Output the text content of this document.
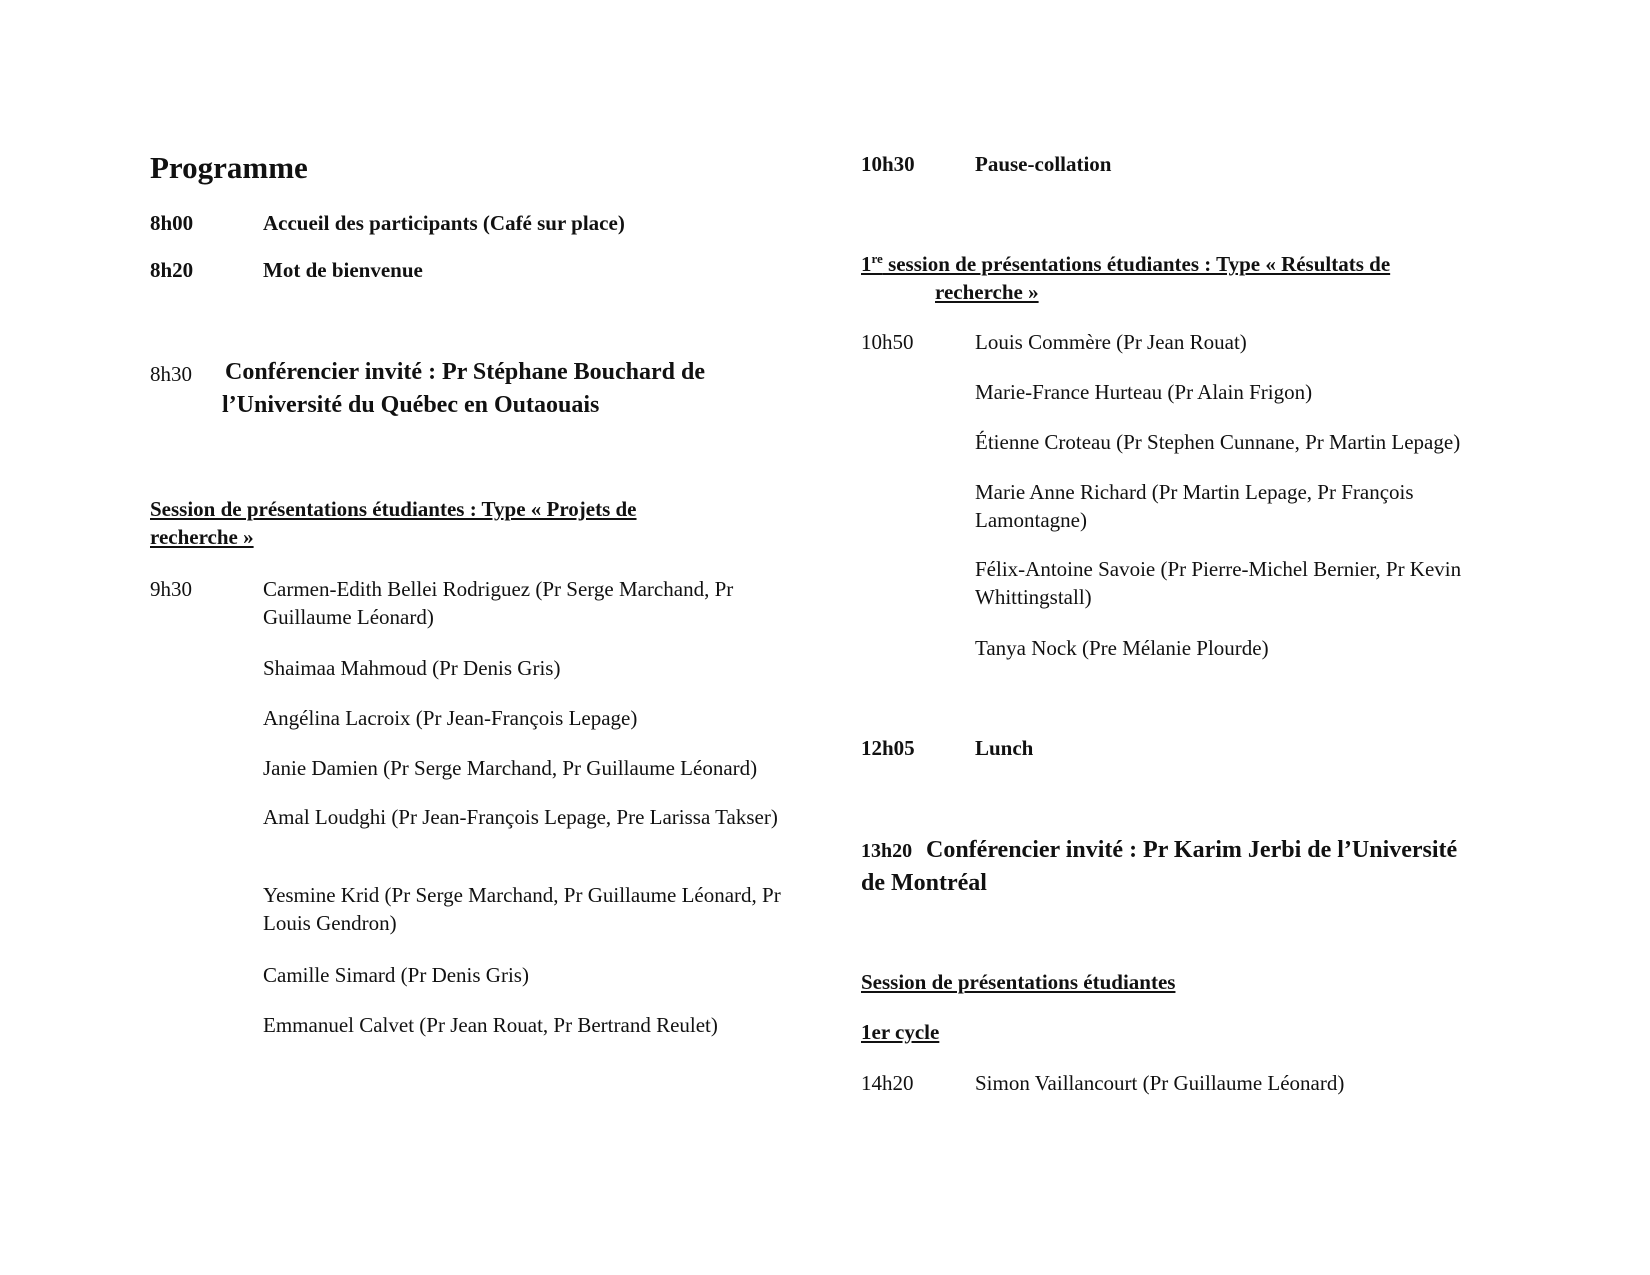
Programme
8h00	Accueil des participants (Café sur place)
8h20	Mot de bienvenue
8h30 Conférencier invité : Pr Stéphane Bouchard de
l’Université du Québec en Outaouais
Session de présentations étudiantes : Type « Projets de recherche »
9h30	Carmen-Edith Bellei Rodriguez (Pr Serge Marchand, Pr Guillaume Léonard)
Shaimaa Mahmoud (Pr Denis Gris)
Angélina Lacroix (Pr Jean-François Lepage)
Janie Damien (Pr Serge Marchand, Pr Guillaume Léonard)
Amal Loudghi (Pr Jean-François Lepage, Pre Larissa Takser)
Yesmine Krid (Pr Serge Marchand, Pr Guillaume Léonard, Pr Louis Gendron)
Camille Simard (Pr Denis Gris)
Emmanuel Calvet (Pr Jean Rouat, Pr Bertrand Reulet)
10h30	Pause-collation
1re session de présentations étudiantes : Type « Résultats de
recherche »
10h50	Louis Commère (Pr Jean Rouat)
Marie-France Hurteau (Pr Alain Frigon)
Étienne Croteau (Pr Stephen Cunnane, Pr Martin Lepage)
Marie Anne Richard (Pr Martin Lepage, Pr François Lamontagne)
Félix-Antoine Savoie (Pr Pierre-Michel Bernier, Pr Kevin Whittingstall)
Tanya Nock (Pre Mélanie Plourde)
12h05	Lunch
13h20 Conférencier invité : Pr Karim Jerbi de l’Université
de Montréal
Session de présentations étudiantes
1er cycle
14h20	Simon Vaillancourt (Pr Guillaume Léonard)
